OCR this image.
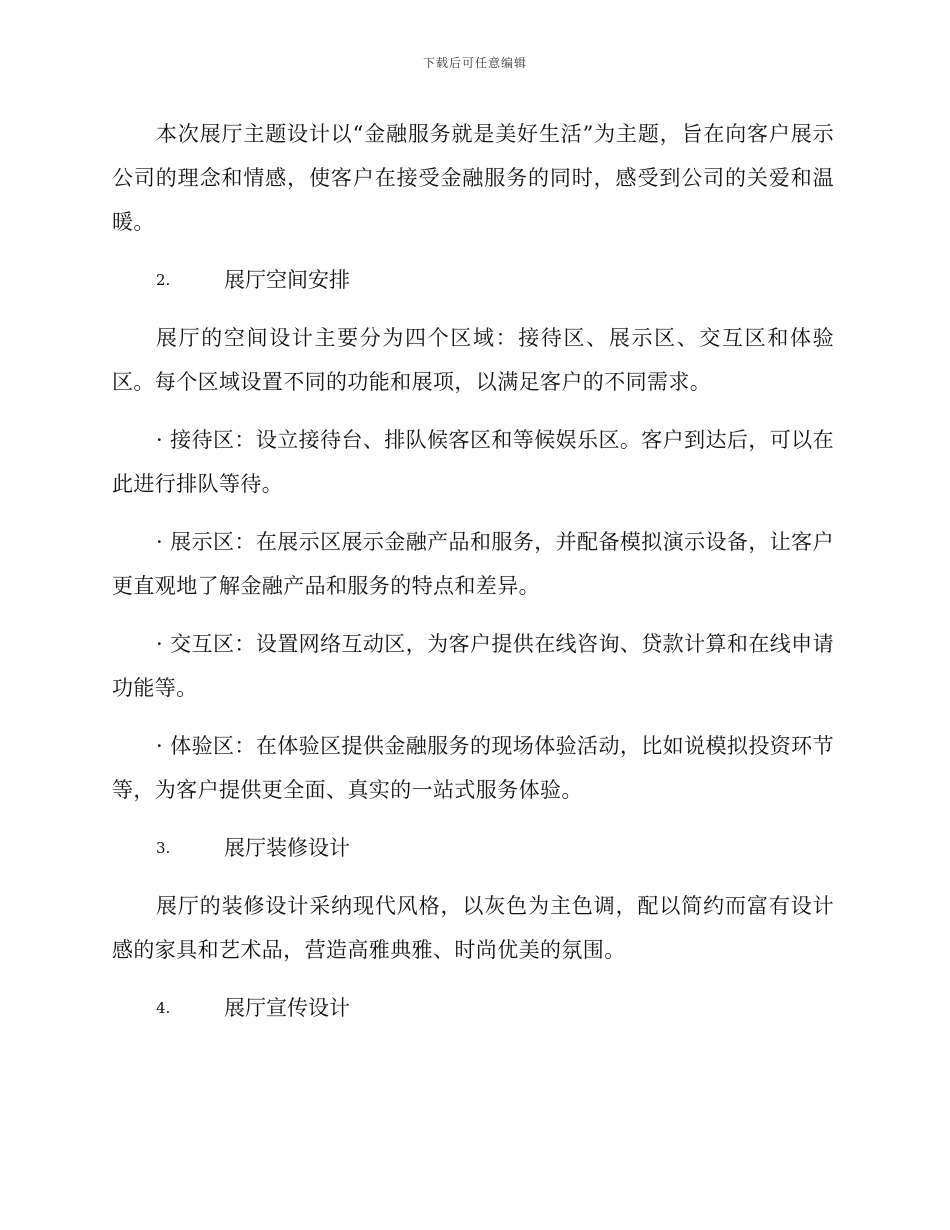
下载后可任意编辑

本次展厅主题设计以“金融服务就是美好生活”为主题，旨在向客户展示公司的理念和情感，使客户在接受金融服务的同时，感受到公司的关爱和温暖。

2.	展厅空间安排

展厅的空间设计主要分为四个区域：接待区、展示区、交互区和体验区。每个区域设置不同的功能和展项，以满足客户的不同需求。

· 接待区：设立接待台、排队候客区和等候娱乐区。客户到达后，可以在此进行排队等待。

· 展示区：在展示区展示金融产品和服务，并配备模拟演示设备，让客户更直观地了解金融产品和服务的特点和差异。

· 交互区：设置网络互动区，为客户提供在线咨询、贷款计算和在线申请功能等。

· 体验区：在体验区提供金融服务的现场体验活动，比如说模拟投资环节等，为客户提供更全面、真实的一站式服务体验。

3.	展厅装修设计

展厅的装修设计采纳现代风格，以灰色为主色调，配以简约而富有设计感的家具和艺术品，营造高雅典雅、时尚优美的氛围。

4.	展厅宣传设计
